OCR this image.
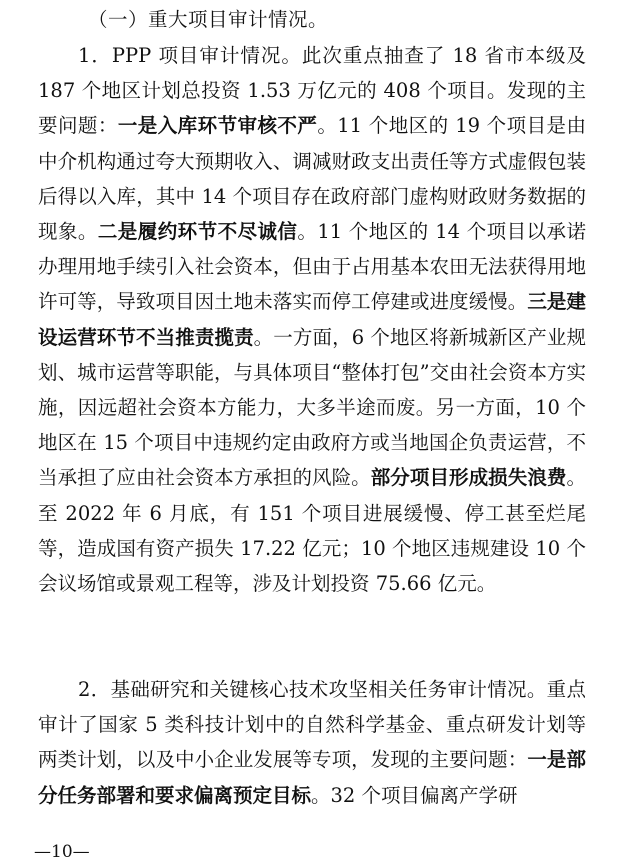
（一）重大项目审计情况。

1．PPP 项目审计情况。此次重点抽查了 18 省市本级及 187 个地区计划总投资 1.53 万亿元的 408 个项目。发现的主要问题：一是入库环节审核不严。11 个地区的 19 个项目是由中介机构通过夸大预期收入、调减财政支出责任等方式虚假包装后得以入库，其中 14 个项目存在政府部门虚构财政财务数据的现象。二是履约环节不尽诚信。11 个地区的 14 个项目以承诺办理用地手续引入社会资本，但由于占用基本农田无法获得用地许可等，导致项目因土地未落实而停工停建或进度缓慢。三是建设运营环节不当推责揽责。一方面，6 个地区将新城新区产业规划、城市运营等职能，与具体项目“整体打包”交由社会资本方实施，因远超社会资本方能力，大多半途而废。另一方面，10 个地区在 15 个项目中违规约定由政府方或当地国企负责运营，不当承担了应由社会资本方承担的风险。部分项目形成损失浪费。至 2022 年 6 月底，有 151 个项目进展缓慢、停工甚至烂尾等，造成国有资产损失 17.22 亿元；10 个地区违规建设 10 个会议场馆或景观工程等，涉及计划投资 75.66 亿元。

2．基础研究和关键核心技术攻坚相关任务审计情况。重点审计了国家 5 类科技计划中的自然科学基金、重点研发计划等两类计划，以及中小企业发展等专项，发现的主要问题：一是部分任务部署和要求偏离预定目标。32 个项目偏离产学研

—10—
